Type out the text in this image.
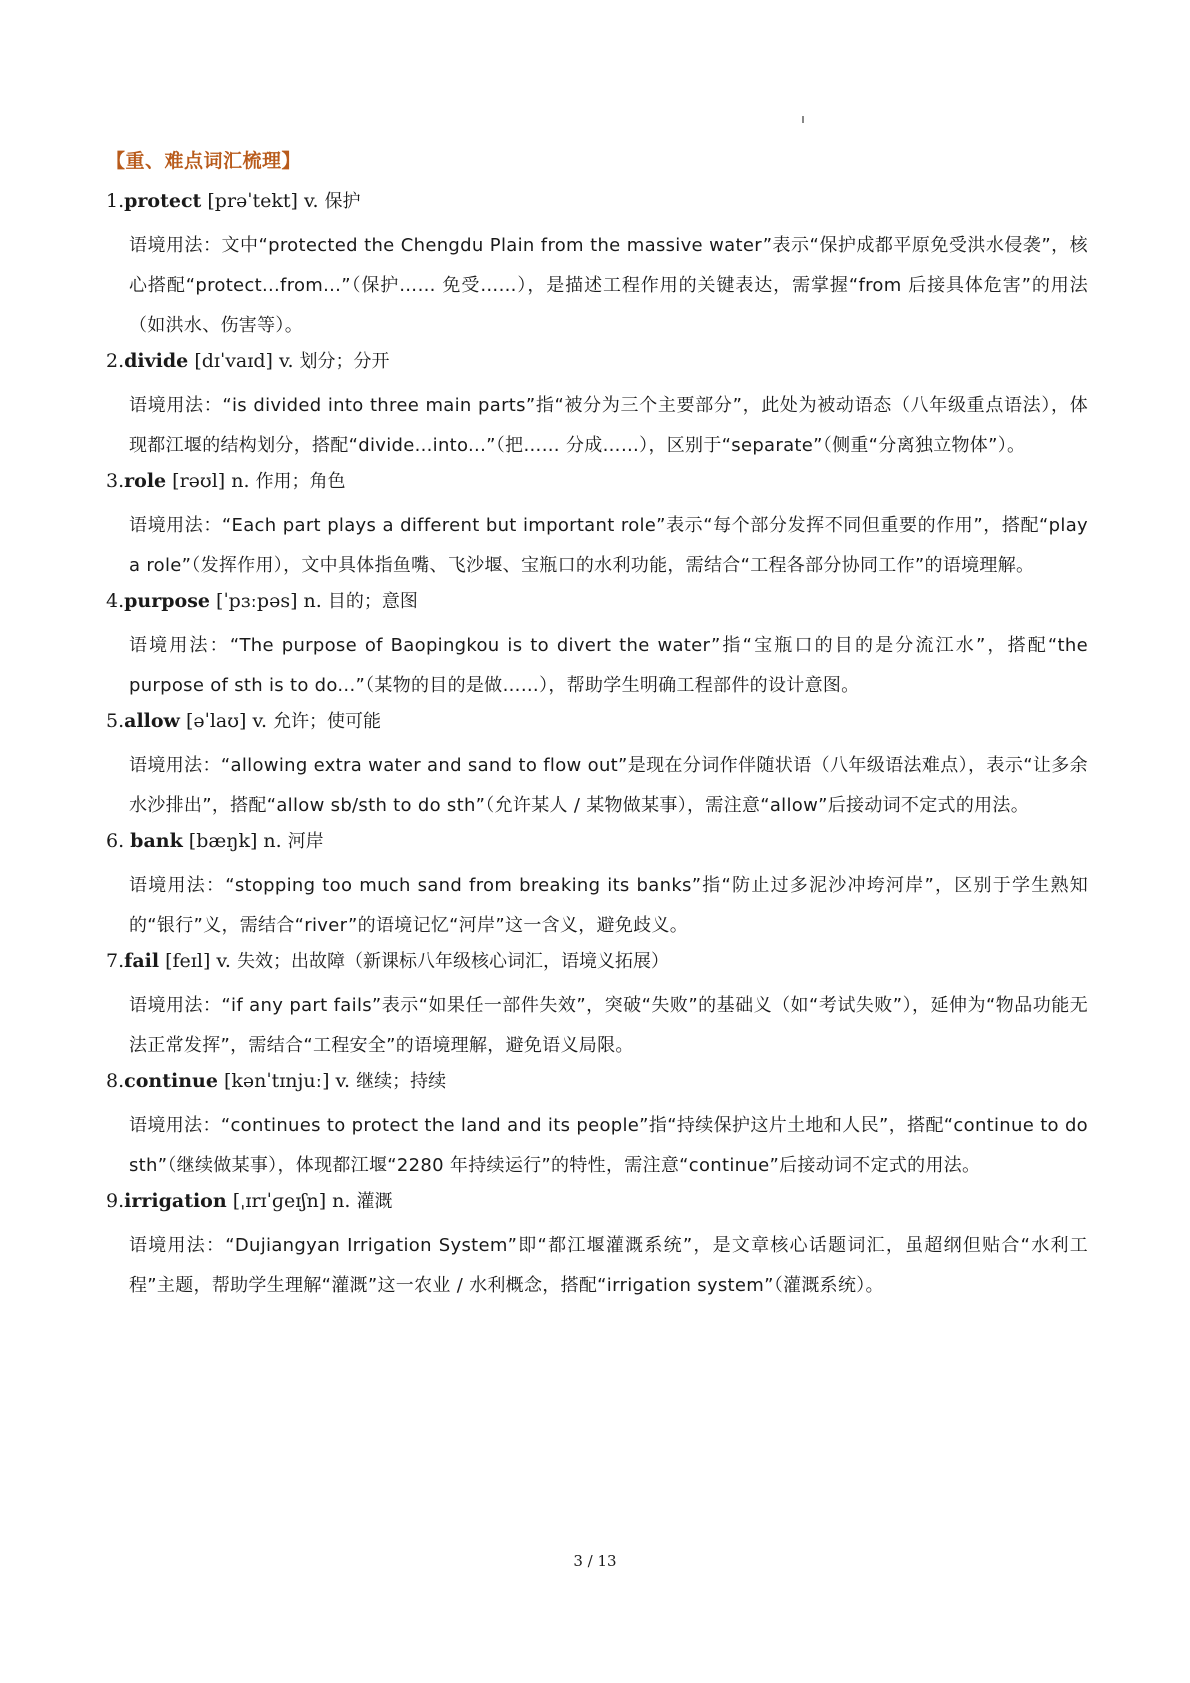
【重、难点词汇梳理】
1.protect [prəˈtekt] v. 保护
语境用法：文中“protected the Chengdu Plain from the massive water”表示“保护成都平原免受洪水侵袭”，核心搭配“protect...from...”（保护…… 免受……），是描述工程作用的关键表达，需掌握“from 后接具体危害”的用法（如洪水、伤害等）。
2.divide [dɪˈvaɪd] v. 划分；分开
语境用法：“is divided into three main parts”指“被分为三个主要部分”，此处为被动语态（八年级重点语法），体现都江堰的结构划分，搭配“divide...into...”（把…… 分成……），区别于“separate”（侧重“分离独立物体”）。
3.role [rəʊl] n. 作用；角色
语境用法：“Each part plays a different but important role”表示“每个部分发挥不同但重要的作用”，搭配“play a role”（发挥作用），文中具体指鱼嘴、飞沙堰、宝瓶口的水利功能，需结合“工程各部分协同工作”的语境理解。
4.purpose [ˈpɜːpəs] n. 目的；意图
语境用法：“The purpose of Baopingkou is to divert the water”指“宝瓶口的目的是分流江水”，搭配“the purpose of sth is to do...”（某物的目的是做……），帮助学生明确工程部件的设计意图。
5.allow [əˈlaʊ] v. 允许；使可能
语境用法：“allowing extra water and sand to flow out”是现在分词作伴随状语（八年级语法难点），表示“让多余水沙排出”，搭配“allow sb/sth to do sth”（允许某人 / 某物做某事），需注意“allow”后接动词不定式的用法。
6. bank [bæŋk] n. 河岸
语境用法：“stopping too much sand from breaking its banks”指“防止过多泥沙冲垮河岸”，区别于学生熟知的“银行”义，需结合“river”的语境记忆“河岸”这一含义，避免歧义。
7.fail [feɪl] v. 失效；出故障（新课标八年级核心词汇，语境义拓展）
语境用法：“if any part fails”表示“如果任一部件失效”，突破“失败”的基础义（如“考试失败”），延伸为“物品功能无法正常发挥”，需结合“工程安全”的语境理解，避免语义局限。
8.continue [kənˈtɪnjuː] v. 继续；持续
语境用法：“continues to protect the land and its people”指“持续保护这片土地和人民”，搭配“continue to do sth”（继续做某事），体现都江堰“2280 年持续运行”的特性，需注意“continue”后接动词不定式的用法。
9.irrigation [ˌɪrɪˈɡeɪʃn] n. 灌溉
语境用法：“Dujiangyan Irrigation System”即“都江堰灌溉系统”，是文章核心话题词汇，虽超纲但贴合“水利工程”主题，帮助学生理解“灌溉”这一农业 / 水利概念，搭配“irrigation system”（灌溉系统）。
3 / 13
